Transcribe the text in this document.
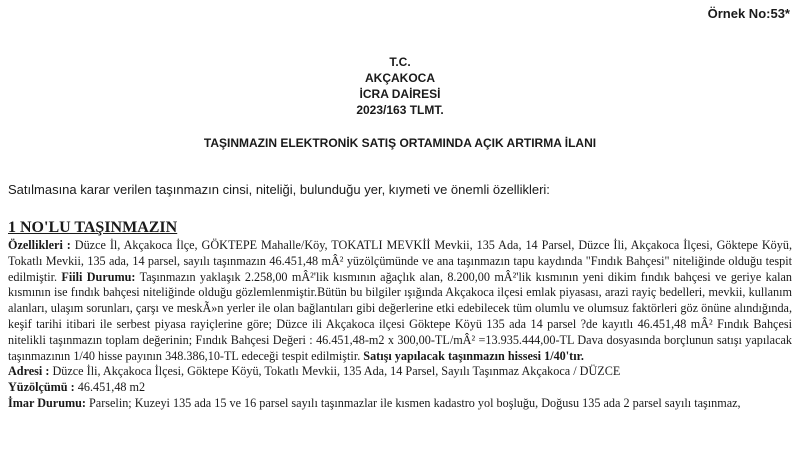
Örnek No:53*
T.C.
AKÇAKOCA
İCRA DAİRESİ
2023/163 TLMT.
TAŞINMAZIN ELEKTRONİK SATIŞ ORTAMINDA AÇIK ARTIRMA İLANI
Satılmasına karar verilen taşınmazın cinsi, niteliği, bulunduğu yer, kıymeti ve önemli özellikleri:
1 NO'LU TAŞINMAZIN

Özellikleri : Düzce İl, Akçakoca İlçe, GÖKTEPE Mahalle/Köy, TOKATLI MEVKİİ Mevkii, 135 Ada, 14 Parsel, Düzce İli, Akçakoca İlçesi, Göktepe Köyü, Tokatlı Mevkii, 135 ada, 14 parsel, sayılı taşınmazın 46.451,48 mÂ² yüzölçümünde ve ana taşınmazın tapu kaydında "Fındık Bahçesi" niteliğinde olduğu tespit edilmiştir. Fiili Durumu: Taşınmazın yaklaşık 2.258,00 mÂ²'lik kısmının ağaçlık alan, 8.200,00 mÂ²'lik kısmının yeni dikim fındık bahçesi ve geriye kalan kısmının ise fındık bahçesi niteliğinde olduğu gözlemlenmiştir.Bütün bu bilgiler ışığında Akçakoca ilçesi emlak piyasası, arazi rayiç bedelleri, mevkii, kullanım alanları, ulaşım sorunları, çarşı ve meskÃ»n yerler ile olan bağlantıları gibi değerlerine etki edebilecek tüm olumlu ve olumsuz faktörleri göz önüne alındığında, keşif tarihi itibari ile serbest piyasa rayiçlerine göre; Düzce ili Akçakoca ilçesi Göktepe Köyü 135 ada 14 parsel ?de kayıtlı 46.451,48 mÂ² Fındık Bahçesi nitelikli taşınmazın toplam değerinin; Fındık Bahçesi Değeri : 46.451,48-m2 x 300,00-TL/mÂ² =13.935.444,00-TL Dava dosyasında borçlunun satışı yapılacak taşınmazının 1/40 hisse payının 348.386,10-TL edeceği tespit edilmiştir. Satışı yapılacak taşınmazın hissesi 1/40'tır.

Adresi : Düzce İli, Akçakoca İlçesi, Göktepe Köyü, Tokatlı Mevkii, 135 Ada, 14 Parsel, Sayılı Taşınmaz Akçakoca / DÜZCE

Yüzölçümü : 46.451,48 m2

İmar Durumu: Parselin; Kuzeyi 135 ada 15 ve 16 parsel sayılı taşınmazlar ile kısmen kadastro yol boşluğu, Doğusu 135 ada 2 parsel sayılı taşınmaz,
